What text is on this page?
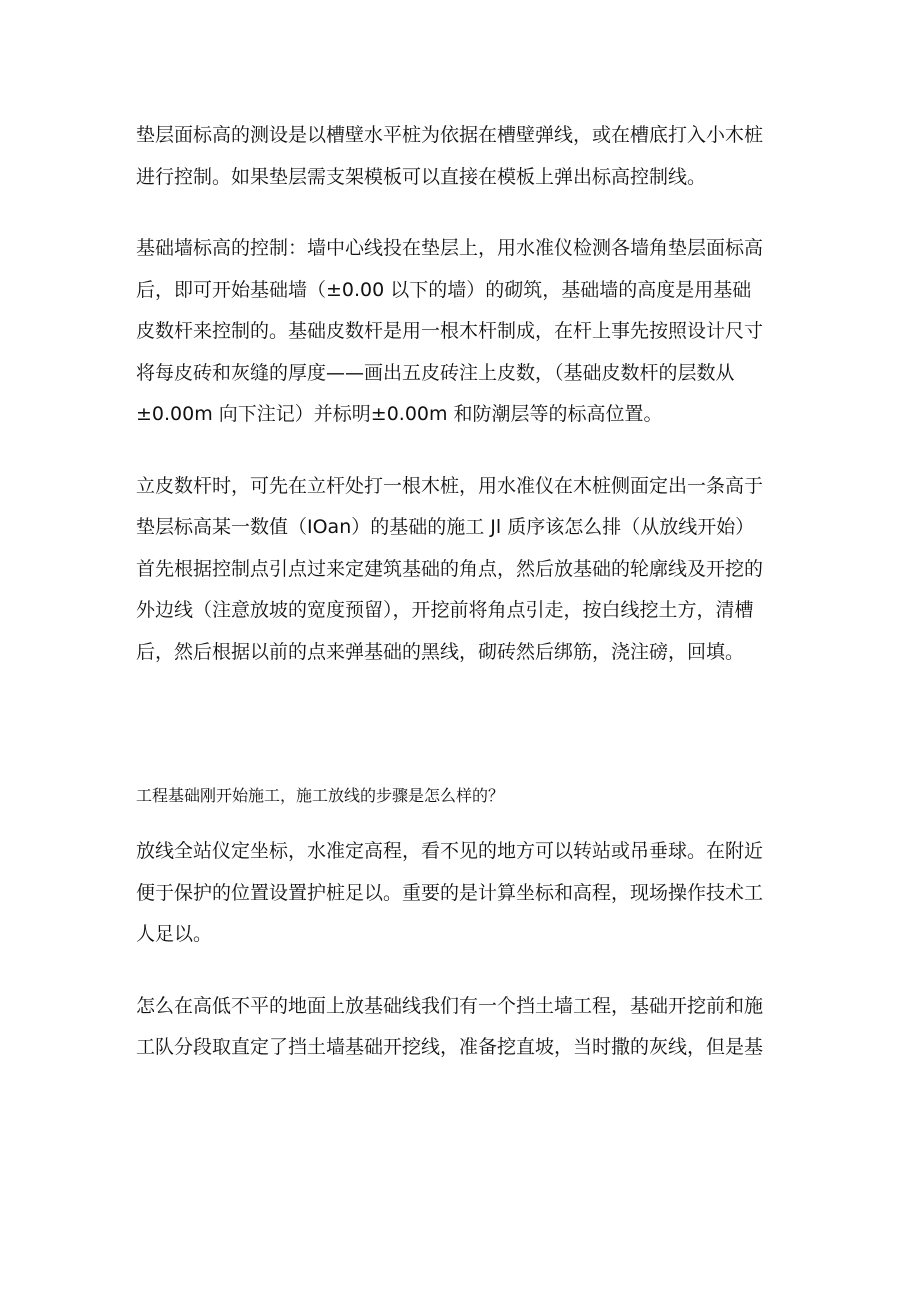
垫层面标高的测设是以槽壁水平桩为依据在槽壁弹线，或在槽底打入小木桩
进行控制。如果垫层需支架模板可以直接在模板上弹出标高控制线。

基础墙标高的控制：墙中心线投在垫层上，用水准仪检测各墙角垫层面标高
后，即可开始基础墙（±0.00 以下的墙）的砌筑，基础墙的高度是用基础
皮数杆来控制的。基础皮数杆是用一根木杆制成，在杆上事先按照设计尺寸
将每皮砖和灰缝的厚度——画出五皮砖注上皮数，（基础皮数杆的层数从
±0.00m 向下注记）并标明±0.00m 和防潮层等的标高位置。

立皮数杆时，可先在立杆处打一根木桩，用水准仪在木桩侧面定出一条高于
垫层标高某一数值（IOan）的基础的施工 Jl 质序该怎么排（从放线开始）
首先根据控制点引点过来定建筑基础的角点，然后放基础的轮廓线及开挖的
外边线（注意放坡的宽度预留），开挖前将角点引走，按白线挖土方，清槽
后，然后根据以前的点来弹基础的黑线，砌砖然后绑筋，浇注磅，回填。

工程基础刚开始施工，施工放线的步骤是怎么样的？

放线全站仪定坐标，水准定高程，看不见的地方可以转站或吊垂球。在附近
便于保护的位置设置护桩足以。重要的是计算坐标和高程，现场操作技术工
人足以。

怎么在高低不平的地面上放基础线我们有一个挡土墙工程，基础开挖前和施
工队分段取直定了挡土墙基础开挖线，准备挖直坡，当时撒的灰线，但是基
